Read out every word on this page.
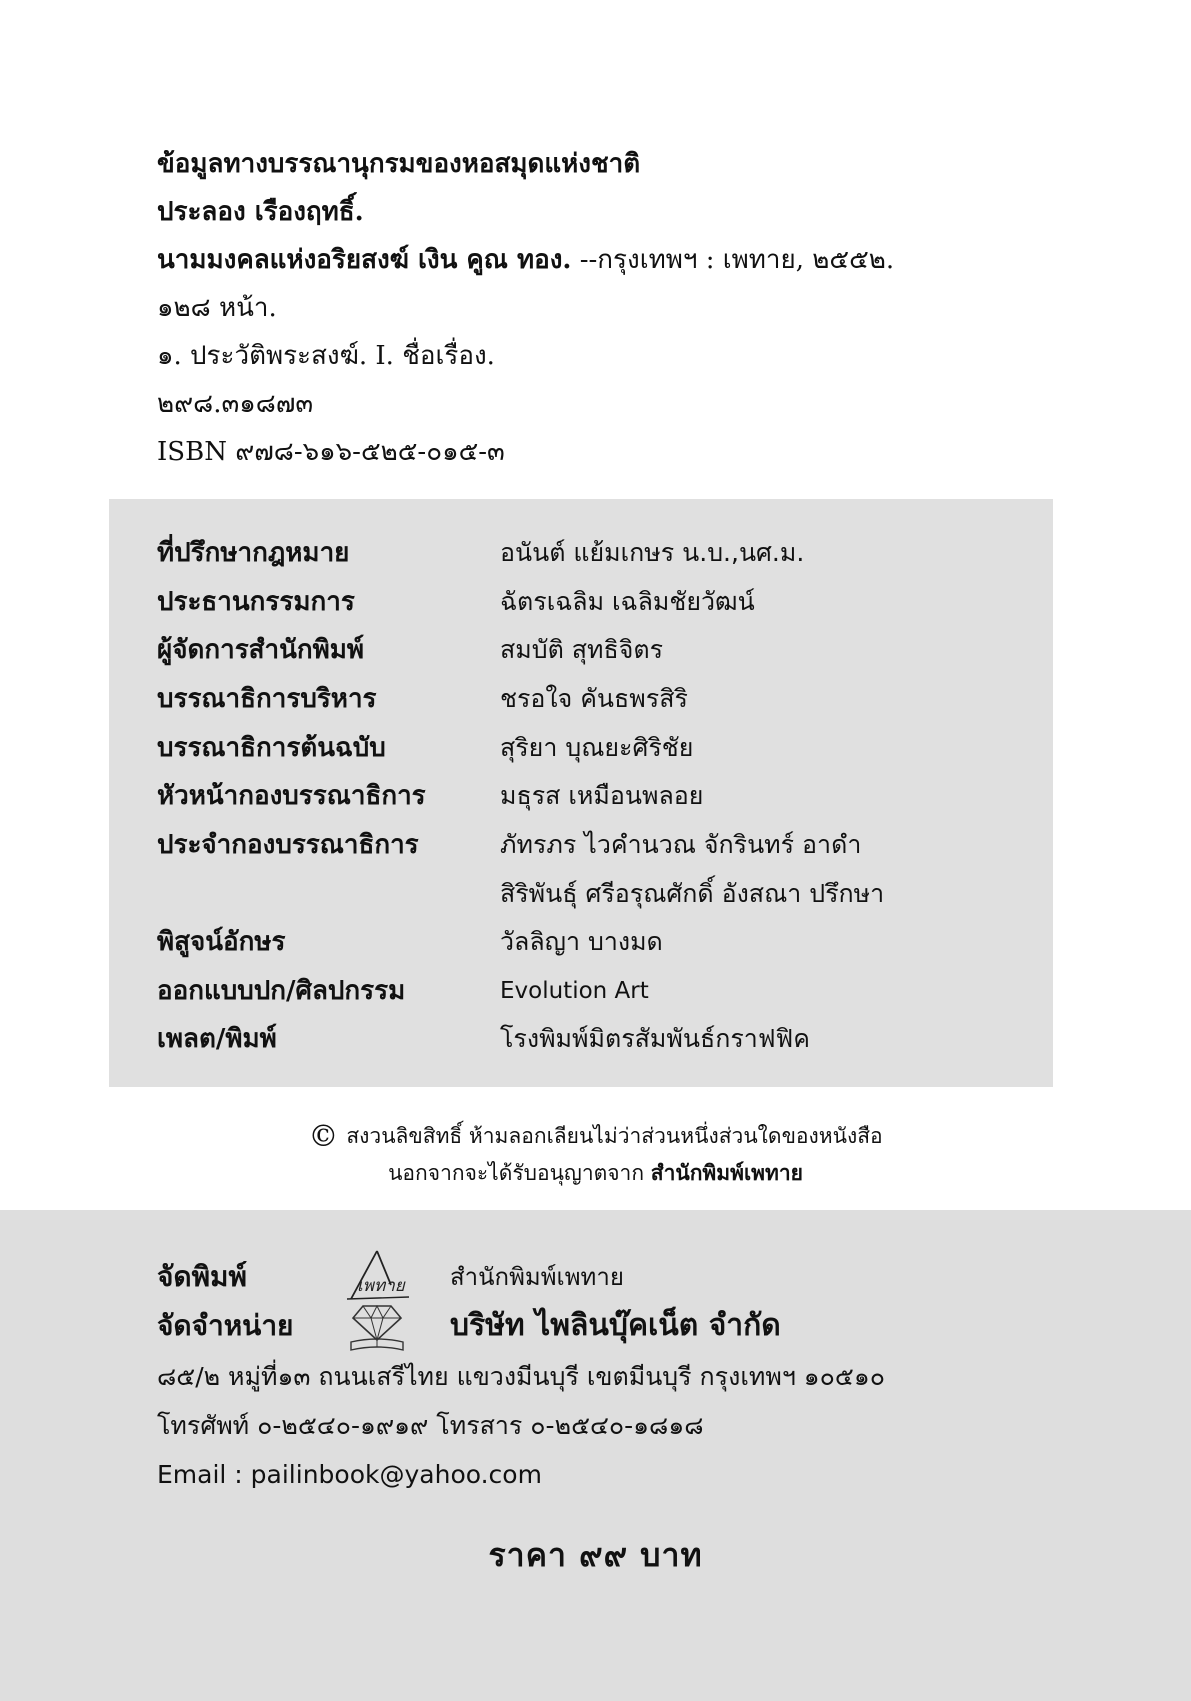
ข้อมูลทางบรรณานุกรมของหอสมุดแห่งชาติ
ประลอง เรืองฤทธิ์.
นามมงคลแห่งอริยสงฆ์ เงิน คูณ ทอง. --กรุงเทพฯ : เพทาย, ๒๕๕๒.
๑๒๘ หน้า.
๑. ประวัติพระสงฆ์. I. ชื่อเรื่อง.
๒๙๘.๓๑๘๗๓
ISBN ๙๗๘-๖๑๖-๕๒๕-๐๑๕-๓
ที่ปรึกษากฎหมาย	อนันต์ แย้มเกษร น.บ.,นศ.ม.
ประธานกรรมการ	ฉัตรเฉลิม เฉลิมชัยวัฒน์
ผู้จัดการสำนักพิมพ์	สมบัติ สุทธิจิตร
บรรณาธิการบริหาร	ชรอใจ คันธพรสิริ
บรรณาธิการต้นฉบับ	สุริยา บุณยะศิริชัย
หัวหน้ากองบรรณาธิการ	มธุรส เหมือนพลอย
ประจำกองบรรณาธิการ	ภัทรภร ไวคำนวณ จักรินทร์ อาดำ
สิริพันธุ์ ศรีอรุณศักดิ์ อังสณา ปรึกษา
พิสูจน์อักษร	วัลลิญา บางมด
ออกแบบปก/ศิลปกรรม	Evolution Art
เพลต/พิมพ์	โรงพิมพ์มิตรสัมพันธ์กราฟฟิค
© สงวนลิขสิทธิ์ ห้ามลอกเลียนไม่ว่าส่วนหนึ่งส่วนใดของหนังสือ
นอกจากจะได้รับอนุญาตจาก สำนักพิมพ์เพทาย
จัดพิมพ์	เพทาย สำนักพิมพ์เพทาย
จัดจำหน่าย	บริษัท ไพลินบุ๊คเน็ต จำกัด
๘๕/๒ หมู่ที่๑๓ ถนนเสรีไทย แขวงมีนบุรี เขตมีนบุรี กรุงเทพฯ ๑๐๕๑๐
โทรศัพท์ ๐-๒๕๔๐-๑๙๑๙ โทรสาร ๐-๒๕๔๐-๑๘๑๘
Email : pailinbook@yahoo.com
ราคา ๙๙ บาท
